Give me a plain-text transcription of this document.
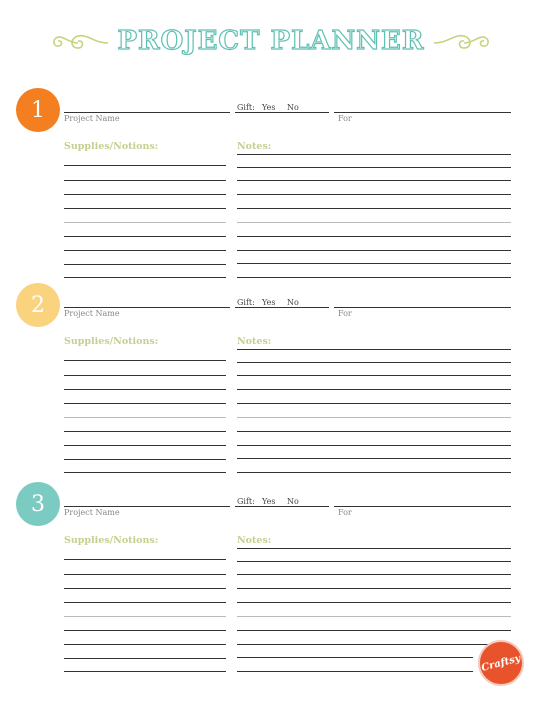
PROJECT PLANNER
1	Project Name
Gift: Yes No
For
Supplies/Notions:	Notes:
2	Project Name
Gift: Yes No
For
Supplies/Notions:	Notes:
3	Project Name
Gift: Yes No
For
Supplies/Notions:	Notes:
Craftsy
